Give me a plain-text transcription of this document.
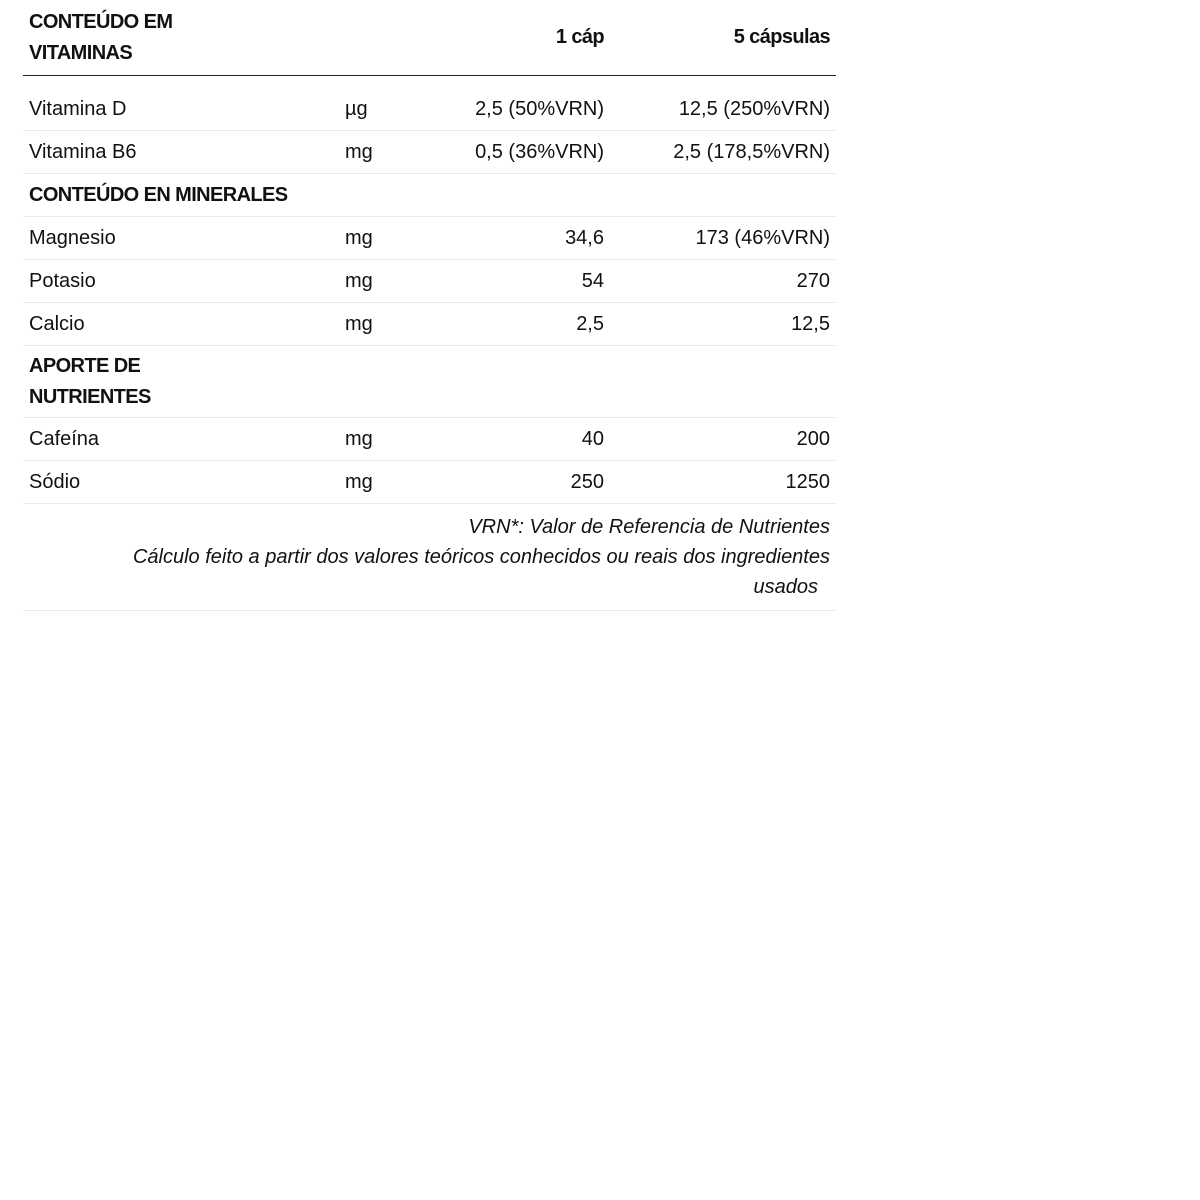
CONTEÚDO EM
VITAMINAS		1 cáp	5 cápsulas

Vitamina D	µg	2,5 (50%VRN)	12,5 (250%VRN)
Vitamina B6	mg	0,5 (36%VRN)	2,5 (178,5%VRN)
CONTEÚDO EN MINERALES			
Magnesio	mg	34,6	173 (46%VRN)
Potasio	mg	54	270
Calcio	mg	2,5	12,5
APORTE DE
NUTRIENTES			
Cafeína	mg	40	200
Sódio	mg	250	1250

VRN*: Valor de Referencia de Nutrientes
Cálculo feito a partir dos valores teóricos conhecidos ou reais dos ingredientes
usados			
